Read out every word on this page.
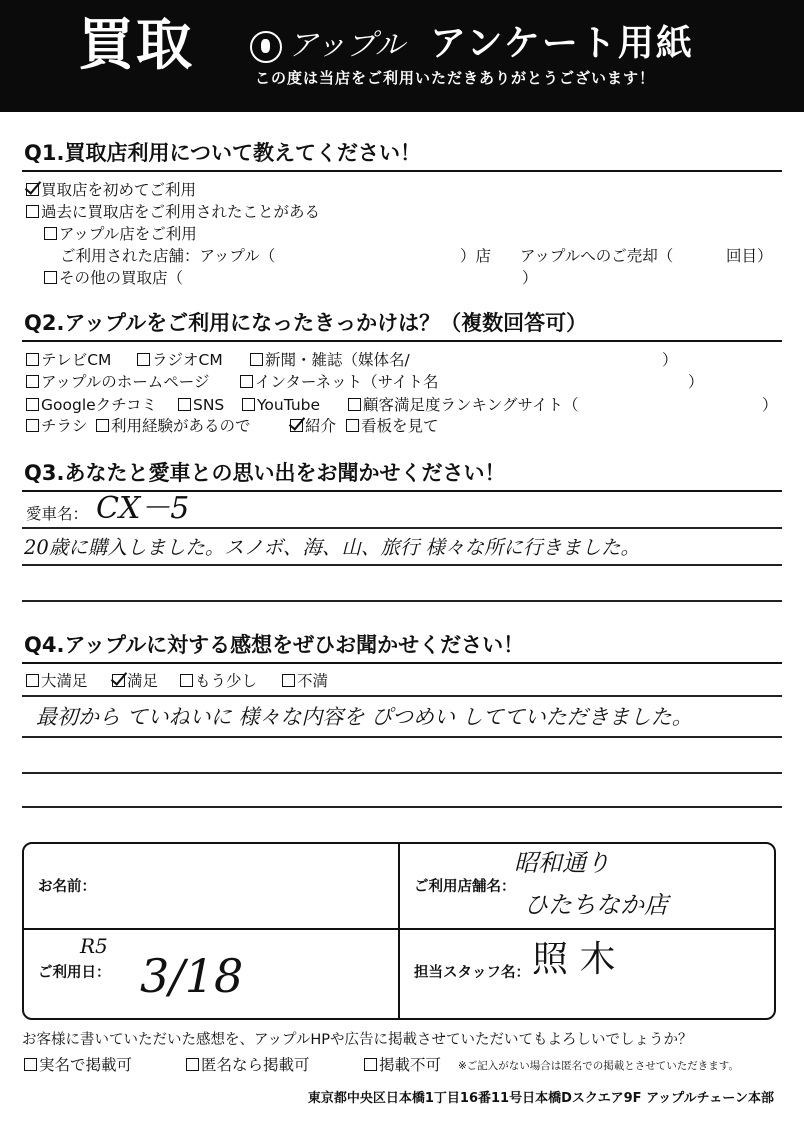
買取	アップル アンケート用紙
この度は当店をご利用いただきありがとうございます！
Q1.買取店利用について教えてください！
買取店を初めてご利用
過去に買取店をご利用されたことがある
アップル店をご利用
ご利用された店舗：アップル（	）店 アップルへのご売却（	回目）
その他の買取店（	）
Q2.アップルをご利用になったきっかけは？（複数回答可）
テレビCM	ラジオCM	新聞・雑誌（媒体名/	）
アップルのホームページ	インターネット（サイト名	）
Googleクチコミ	SNS	YouTube	顧客満足度ランキングサイト（	）
チラシ	利用経験があるので	紹介	看板を見て
Q3.あなたと愛車との思い出をお聞かせください！
愛車名： CX－5
20歳に購入しました。スノボ、海、山、旅行 様々な所に行きました。
Q4.アップルに対する感想をぜひお聞かせください！
大満足	満足	もう少し	不満
最初から ていねいに 様々な内容を ぴつめい してていただきました。
お名前：	ご利用店舗名：
昭和通り
ひたちなか店
ご利用日：
R5
3/18	担当スタッフ名： 照 木
お客様に書いていただいた感想を、アップルHPや広告に掲載させていただいてもよろしいでしょうか？
実名で掲載可	匿名なら掲載可	掲載不可 ※ご記入がない場合は匿名での掲載とさせていただきます。
東京都中央区日本橋1丁目16番11号日本橋Dスクエア9F アップルチェーン本部
